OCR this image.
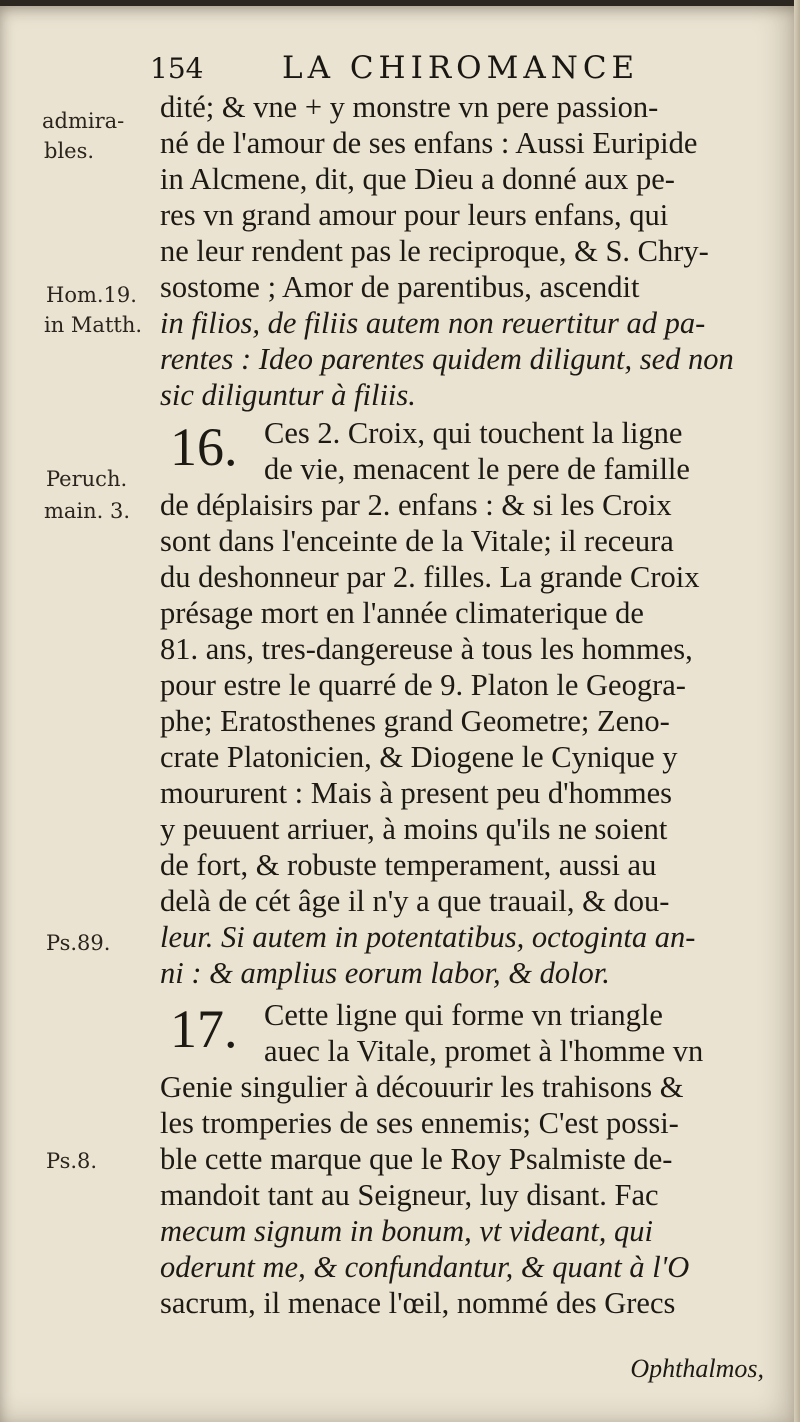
154	LA CHIROMANCE
admira-
bles.
Hom.19.
in Matth.
Peruch.
main. 3.
Ps.89.
Ps.8.
dité; & vne + y monstre vn pere passion-
né de l'amour de ses enfans : Aussi Euripide
in Alcmene, dit, que Dieu a donné aux pe-
res vn grand amour pour leurs enfans, qui
ne leur rendent pas le reciproque, & S. Chry-
sostome ; Amor de parentibus, ascendit
in filios, de filiis autem non reuertitur ad pa-
rentes : Ideo parentes quidem diligunt, sed non
sic diliguntur à filiis.
16. Ces 2. Croix, qui touchent la ligne
de vie, menacent le pere de famille
de déplaisirs par 2. enfans : & si les Croix
sont dans l'enceinte de la Vitale; il receura
du deshonneur par 2. filles. La grande Croix
présage mort en l'année climaterique de
81. ans, tres-dangereuse à tous les hommes,
pour estre le quarré de 9. Platon le Geogra-
phe; Eratosthenes grand Geometre; Zeno-
crate Platonicien, & Diogene le Cynique y
moururent : Mais à present peu d'hommes
y peuuent arriuer, à moins qu'ils ne soient
de fort, & robuste temperament, aussi au
delà de cét âge il n'y a que trauail, & dou-
leur. Si autem in potentatibus, octoginta an-
ni : & amplius eorum labor, & dolor.
17. Cette ligne qui forme vn triangle
auec la Vitale, promet à l'homme vn
Genie singulier à découurir les trahisons &
les tromperies de ses ennemis; C'est possi-
ble cette marque que le Roy Psalmiste de-
mandoit tant au Seigneur, luy disant. Fac
mecum signum in bonum, vt videant, qui
oderunt me, & confundantur, & quant à l'O
sacrum, il menace l'œil, nommé des Grecs
Ophthalmos,
